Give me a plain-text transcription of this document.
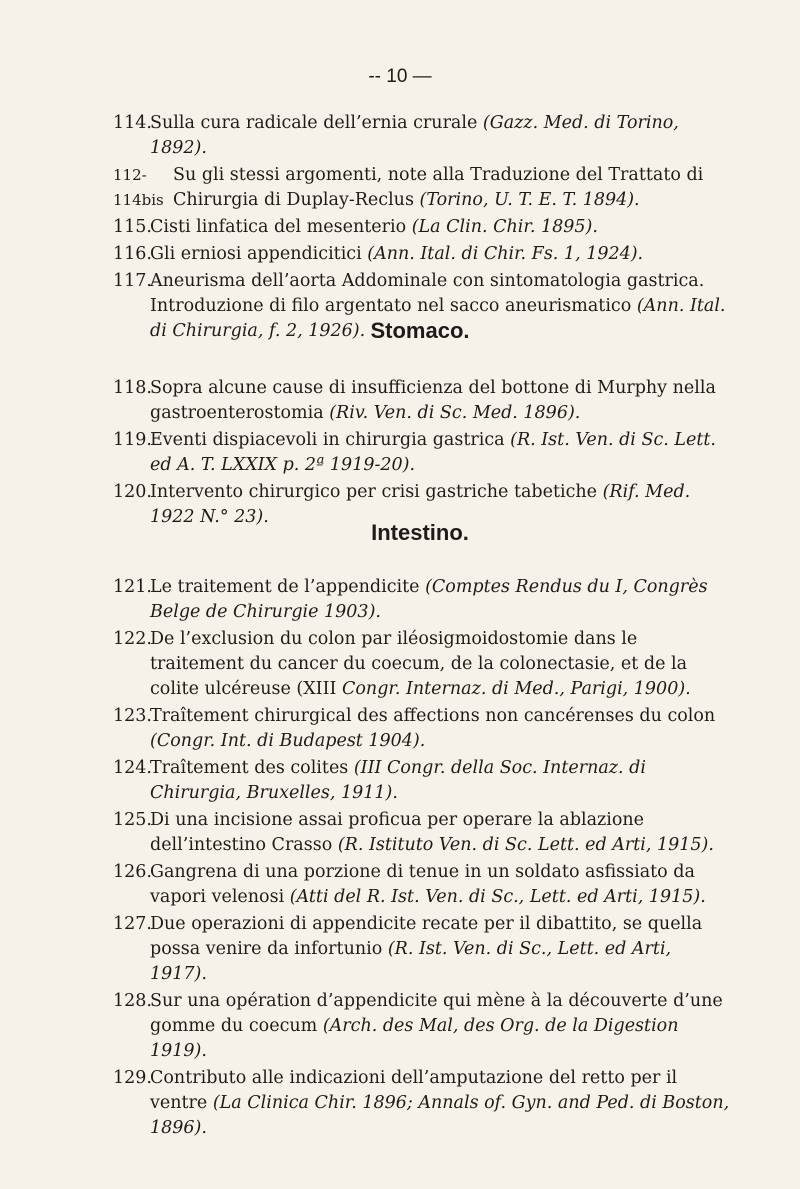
-- 10 —
114.
Sulla cura radicale dell’ernia crurale (Gazz. Med. di Torino, 1892).
112-114bis
Su gli stessi argomenti, note alla Traduzione del Trattato di Chirurgia di Duplay-Reclus (Torino, U. T. E. T. 1894).
115.
Cisti linfatica del mesenterio (La Clin. Chir. 1895).
116.
Gli erniosi appendicitici (Ann. Ital. di Chir. Fs. 1, 1924).
117.
Aneurisma dell’aorta Addominale con sintomatologia gastrica. Introduzione di filo argentato nel sacco aneurismatico (Ann. Ital. di Chirurgia, f. 2, 1926). Stomaco.
118.
Sopra alcune cause di insufficienza del bottone di Murphy nella gastroenterostomia (Riv. Ven. di Sc. Med. 1896).
119.
Eventi dispiacevoli in chirurgia gastrica (R. Ist. Ven. di Sc. Lett. ed A. T. LXXIX p. 2ª 1919-20).
120.
Intervento chirurgico per crisi gastriche tabetiche (Rif. Med. 1922 N.° 23).
Intestino.
121.
Le traitement de l’appendicite (Comptes Rendus du I, Congrès Belge de Chirurgie 1903).
122.
De l’exclusion du colon par iléosigmoidostomie dans le traitement du cancer du coecum, de la colonectasie, et de la colite ulcéreuse (XIII Congr. Internaz. di Med., Parigi, 1900).
123.
Traîtement chirurgical des affections non cancérenses du colon (Congr. Int. di Budapest 1904).
124.
Traîtement des colites (III Congr. della Soc. Internaz. di Chirurgia, Bruxelles, 1911).
125.
Di una incisione assai proficua per operare la ablazione dell’intestino Crasso (R. Istituto Ven. di Sc. Lett. ed Arti, 1915).
126.
Gangrena di una porzione di tenue in un soldato asfissiato da vapori velenosi (Atti del R. Ist. Ven. di Sc., Lett. ed Arti, 1915).
127.
Due operazioni di appendicite recate per il dibattito, se quella possa venire da infortunio (R. Ist. Ven. di Sc., Lett. ed Arti, 1917).
128.
Sur una opération d’appendicite qui mène à la découverte d’une gomme du coecum (Arch. des Mal, des Org. de la Digestion 1919).
129.
Contributo alle indicazioni dell’amputazione del retto per il ventre (La Clinica Chir. 1896; Annals of. Gyn. and Ped. di Boston, 1896).
